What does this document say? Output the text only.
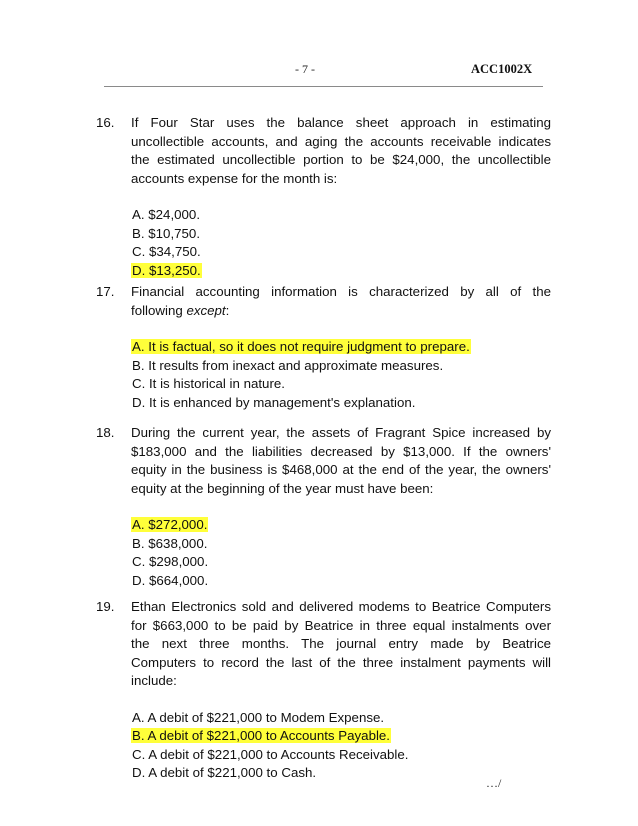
- 7 -	ACC1002X
16. If Four Star uses the balance sheet approach in estimating
uncollectible accounts, and aging the accounts receivable indicates
the estimated uncollectible portion to be $24,000, the uncollectible
accounts expense for the month is:
A. $24,000.
B. $10,750.
C. $34,750.
D. $13,250.
17. Financial accounting information is characterized by all of the
following except:
A. It is factual, so it does not require judgment to prepare.
B. It results from inexact and approximate measures.
C. It is historical in nature.
D. It is enhanced by management's explanation.
18. During the current year, the assets of Fragrant Spice increased by
$183,000 and the liabilities decreased by $13,000. If the owners'
equity in the business is $468,000 at the end of the year, the owners'
equity at the beginning of the year must have been:
A. $272,000.
B. $638,000.
C. $298,000.
D. $664,000.
19. Ethan Electronics sold and delivered modems to Beatrice Computers
for $663,000 to be paid by Beatrice in three equal instalments over
the next three months. The journal entry made by Beatrice
Computers to record the last of the three instalment payments will
include:
A. A debit of $221,000 to Modem Expense.
B. A debit of $221,000 to Accounts Payable.
C. A debit of $221,000 to Accounts Receivable.
D. A debit of $221,000 to Cash.
…/
